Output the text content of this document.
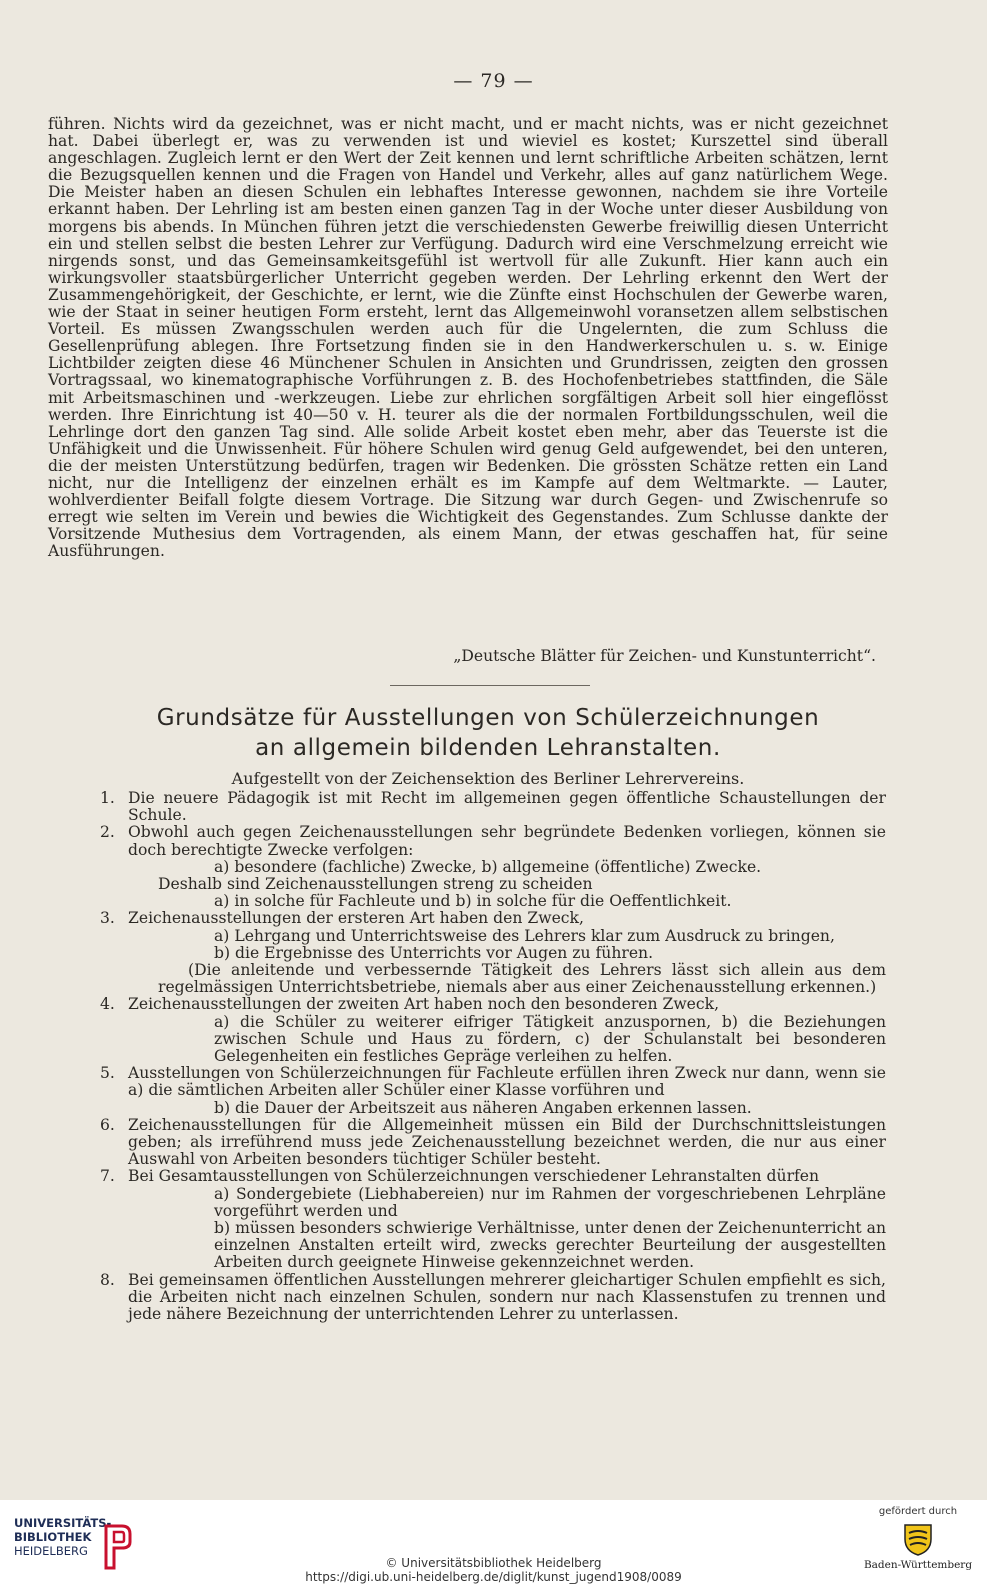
— 79 —

führen. Nichts wird da gezeichnet, was er nicht macht, und er macht nichts, was er nicht gezeichnet hat. Dabei überlegt er, was zu verwenden ist und wieviel es kostet; Kurszettel sind überall angeschlagen. Zugleich lernt er den Wert der Zeit kennen und lernt schriftliche Arbeiten schätzen, lernt die Bezugsquellen kennen und die Fragen von Handel und Verkehr, alles auf ganz natürlichem Wege. Die Meister haben an diesen Schulen ein lebhaftes Interesse gewonnen, nachdem sie ihre Vorteile erkannt haben. Der Lehrling ist am besten einen ganzen Tag in der Woche unter dieser Ausbildung von morgens bis abends. In München führen jetzt die verschiedensten Gewerbe freiwillig diesen Unterricht ein und stellen selbst die besten Lehrer zur Verfügung. Dadurch wird eine Verschmelzung erreicht wie nirgends sonst, und das Gemeinsamkeitsgefühl ist wertvoll für alle Zukunft. Hier kann auch ein wirkungsvoller staatsbürgerlicher Unterricht gegeben werden. Der Lehrling erkennt den Wert der Zusammengehörigkeit, der Geschichte, er lernt, wie die Zünfte einst Hochschulen der Gewerbe waren, wie der Staat in seiner heutigen Form ersteht, lernt das Allgemeinwohl voransetzen allem selbstischen Vorteil. Es müssen Zwangsschulen werden auch für die Ungelernten, die zum Schluss die Gesellenprüfung ablegen. Ihre Fortsetzung finden sie in den Handwerkerschulen u. s. w. Einige Lichtbilder zeigten diese 46 Münchener Schulen in Ansichten und Grundrissen, zeigten den grossen Vortragssaal, wo kinematographische Vorführungen z. B. des Hochofenbetriebes stattfinden, die Säle mit Arbeitsmaschinen und -werkzeugen. Liebe zur ehrlichen sorgfältigen Arbeit soll hier eingeflösst werden. Ihre Einrichtung ist 40—50 v. H. teurer als die der normalen Fortbildungsschulen, weil die Lehrlinge dort den ganzen Tag sind. Alle solide Arbeit kostet eben mehr, aber das Teuerste ist die Unfähigkeit und die Unwissenheit. Für höhere Schulen wird genug Geld aufgewendet, bei den unteren, die der meisten Unterstützung bedürfen, tragen wir Bedenken. Die grössten Schätze retten ein Land nicht, nur die Intelligenz der einzelnen erhält es im Kampfe auf dem Weltmarkte. — Lauter, wohlverdienter Beifall folgte diesem Vortrage. Die Sitzung war durch Gegen- und Zwischenrufe so erregt wie selten im Verein und bewies die Wichtigkeit des Gegenstandes. Zum Schlusse dankte der Vorsitzende Muthesius dem Vortragenden, als einem Mann, der etwas geschaffen hat, für seine Ausführungen.

„Deutsche Blätter für Zeichen- und Kunstunterricht“.
Grundsätze für Ausstellungen von Schülerzeichnungen
an allgemein bildenden Lehranstalten.
Aufgestellt von der Zeichensektion des Berliner Lehrervereins.
1. Die neuere Pädagogik ist mit Recht im allgemeinen gegen öffentliche Schaustellungen der Schule.
2. Obwohl auch gegen Zeichenausstellungen sehr begründete Bedenken vorliegen, können sie doch berechtigte Zwecke verfolgen:
a) besondere (fachliche) Zwecke, b) allgemeine (öffentliche) Zwecke.
Deshalb sind Zeichenausstellungen streng zu scheiden
a) in solche für Fachleute und b) in solche für die Oeffentlichkeit.
3. Zeichenausstellungen der ersteren Art haben den Zweck,
a) Lehrgang und Unterrichtsweise des Lehrers klar zum Ausdruck zu bringen,
b) die Ergebnisse des Unterrichts vor Augen zu führen.
(Die anleitende und verbessernde Tätigkeit des Lehrers lässt sich allein aus dem regelmässigen Unterrichtsbetriebe, niemals aber aus einer Zeichenausstellung erkennen.)
4. Zeichenausstellungen der zweiten Art haben noch den besonderen Zweck,
a) die Schüler zu weiterer eifriger Tätigkeit anzuspornen, b) die Beziehungen zwischen Schule und Haus zu fördern, c) der Schulanstalt bei besonderen Gelegenheiten ein festliches Gepräge verleihen zu helfen.
5. Ausstellungen von Schülerzeichnungen für Fachleute erfüllen ihren Zweck nur dann, wenn sie a) die sämtlichen Arbeiten aller Schüler einer Klasse vorführen und
b) die Dauer der Arbeitszeit aus näheren Angaben erkennen lassen.
6. Zeichenausstellungen für die Allgemeinheit müssen ein Bild der Durchschnittsleistungen geben; als irreführend muss jede Zeichenausstellung bezeichnet werden, die nur aus einer Auswahl von Arbeiten besonders tüchtiger Schüler besteht.
7. Bei Gesamtausstellungen von Schülerzeichnungen verschiedener Lehranstalten dürfen
a) Sondergebiete (Liebhabereien) nur im Rahmen der vorgeschriebenen Lehrpläne vorgeführt werden und
b) müssen besonders schwierige Verhältnisse, unter denen der Zeichenunterricht an einzelnen Anstalten erteilt wird, zwecks gerechter Beurteilung der ausgestellten Arbeiten durch geeignete Hinweise gekennzeichnet werden.
8. Bei gemeinsamen öffentlichen Ausstellungen mehrerer gleichartiger Schulen empfiehlt es sich, die Arbeiten nicht nach einzelnen Schulen, sondern nur nach Klassenstufen zu trennen und jede nähere Bezeichnung der unterrichtenden Lehrer zu unterlassen.
UNIVERSITÄTS-
BIBLIOTHEK
HEIDELBERG
© Universitätsbibliothek Heidelberg
https://digi.ub.uni-heidelberg.de/diglit/kunst_jugend1908/0089
gefördert durch
Baden-Württemberg
